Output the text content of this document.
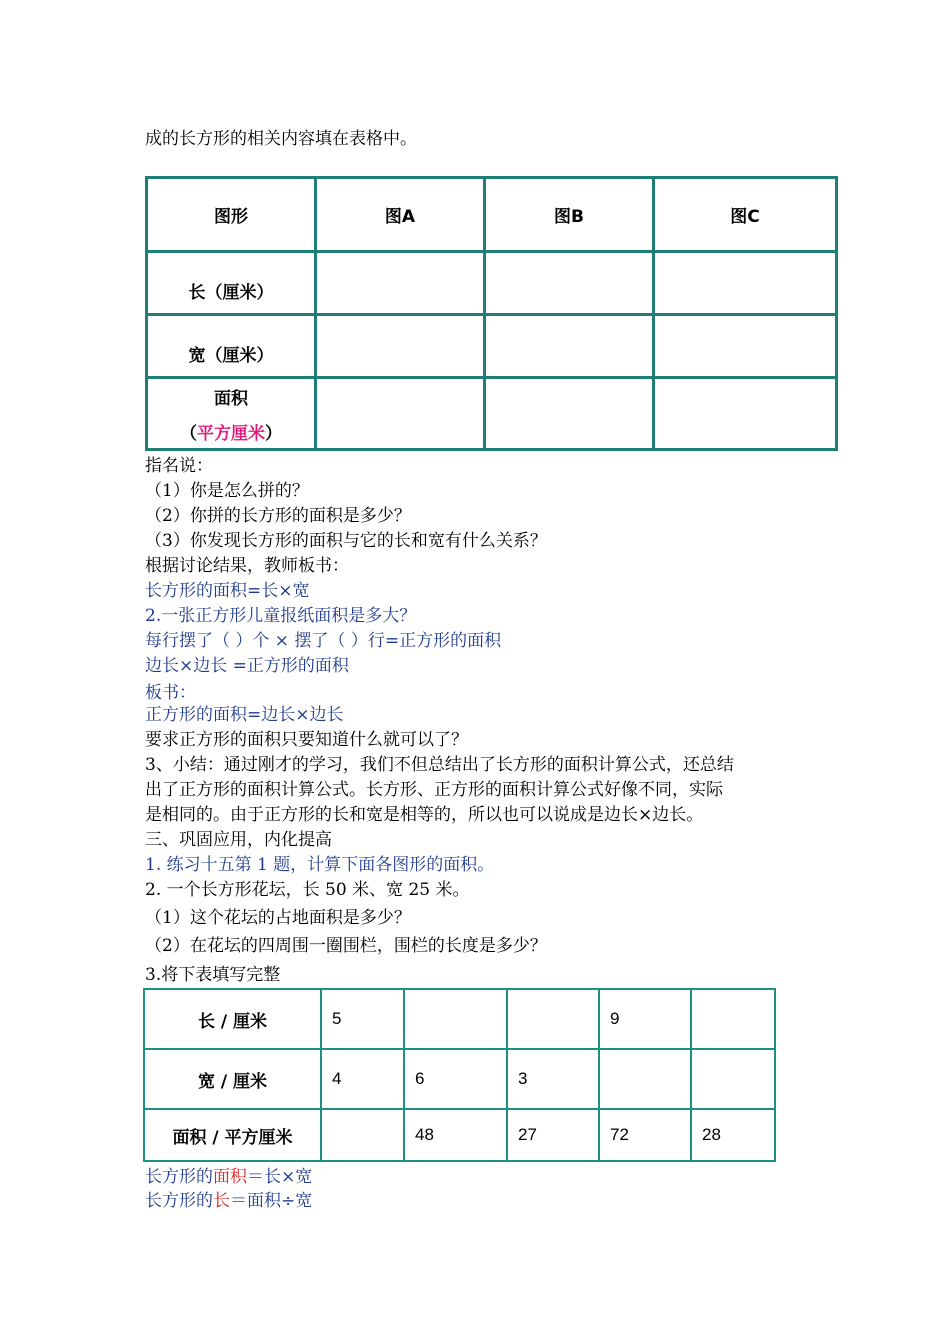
成的长方形的相关内容填在表格中。
图形	图A	图B	图C
长（厘米）			
宽（厘米）			

面积
（平方厘米）			

指名说：
（1）你是怎么拼的？
（2）你拼的长方形的面积是多少？
（3）你发现长方形的面积与它的长和宽有什么关系？
根据讨论结果，教师板书：
长方形的面积=长×宽
2.一张正方形儿童报纸面积是多大？
每行摆了（ ）个 × 摆了（ ）行=正方形的面积
边长×边长 =正方形的面积
板书：
正方形的面积=边长×边长
要求正方形的面积只要知道什么就可以了？
3、小结：通过刚才的学习，我们不但总结出了长方形的面积计算公式，还总结
出了正方形的面积计算公式。长方形、正方形的面积计算公式好像不同，实际
是相同的。由于正方形的长和宽是相等的，所以也可以说成是边长×边长。
三、巩固应用，内化提高
1. 练习十五第 1 题，计算下面各图形的面积。
2. 一个长方形花坛，长 50 米、宽 25 米。
（1）这个花坛的占地面积是多少？
（2）在花坛的四周围一圈围栏，围栏的长度是多少？
3.将下表填写完整
长 / 厘米	5			9	
宽 / 厘米	4	6	3		
面积 / 平方厘米		48	27	72	28
长方形的面积＝长×宽
长方形的长＝面积÷宽
